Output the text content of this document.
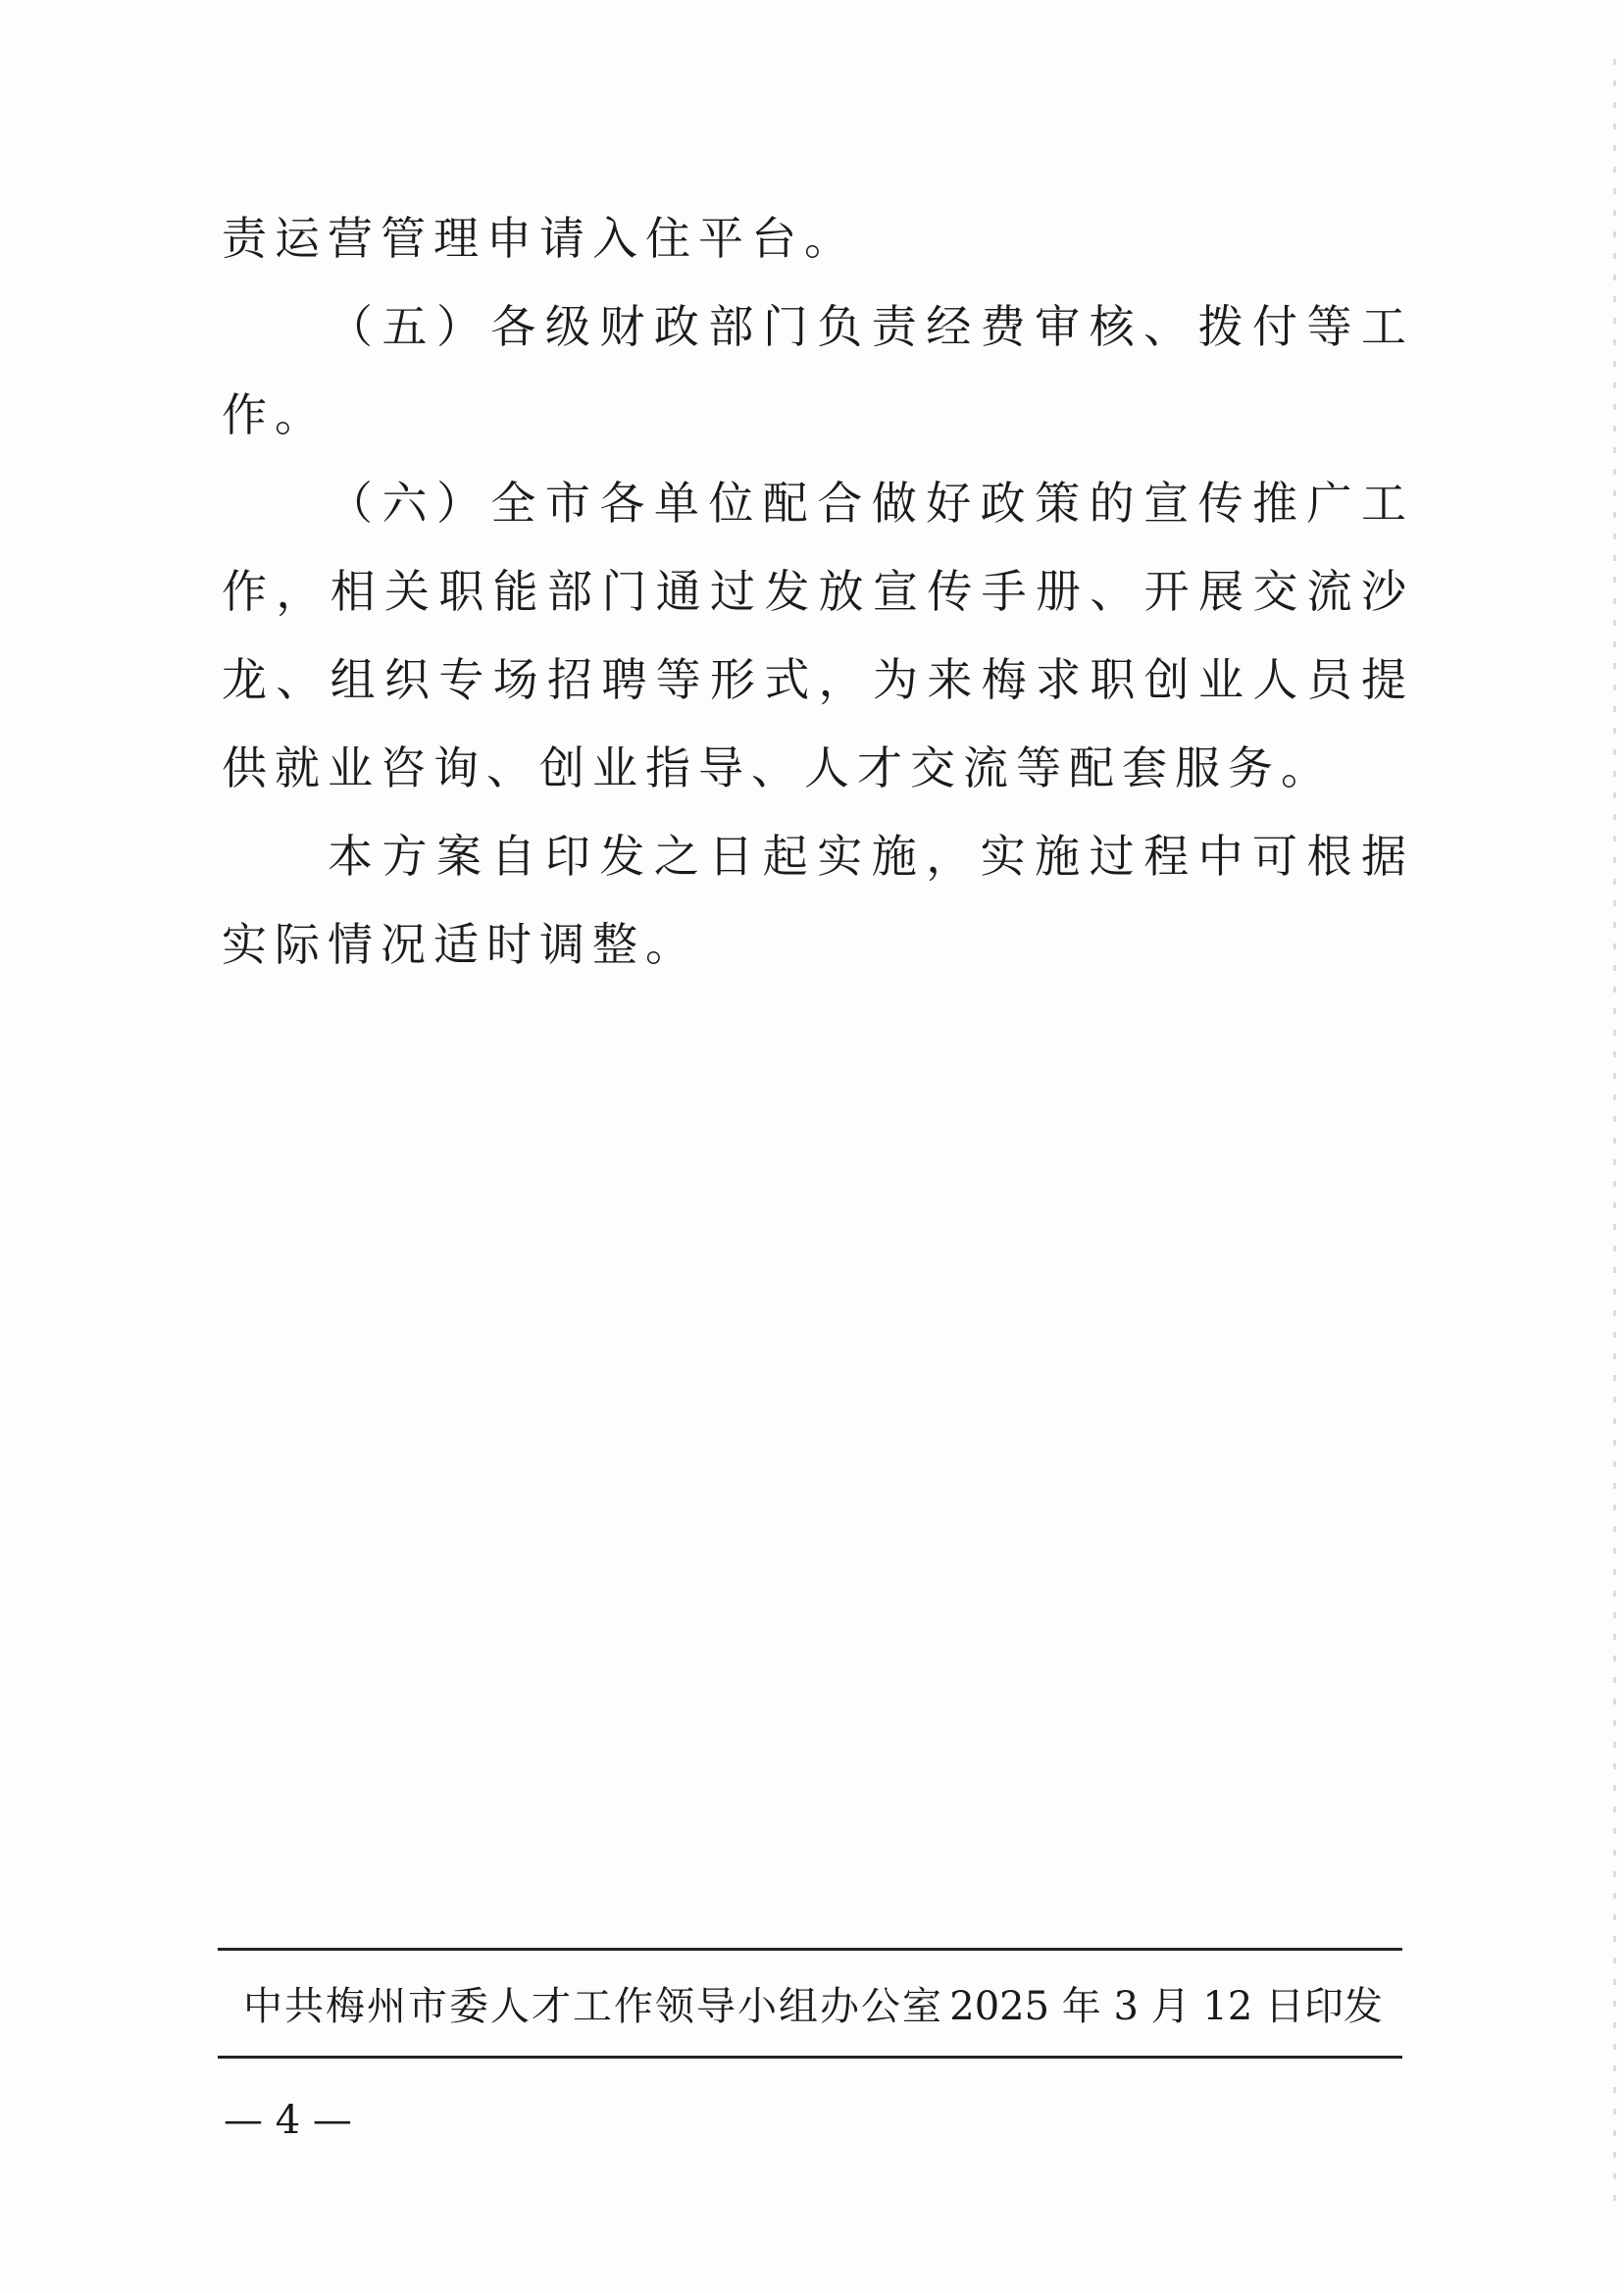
责运营管理申请入住平台。

（五）各级财政部门负责经费审核、拨付等工作。

（六）全市各单位配合做好政策的宣传推广工作，相关职能部门通过发放宣传手册、开展交流沙龙、组织专场招聘等形式，为来梅求职创业人员提供就业咨询、创业指导、人才交流等配套服务。

本方案自印发之日起实施，实施过程中可根据实际情况适时调整。

中共梅州市委人才工作领导小组办公室 2025 年 3 月 12 日印发
— 4 —
